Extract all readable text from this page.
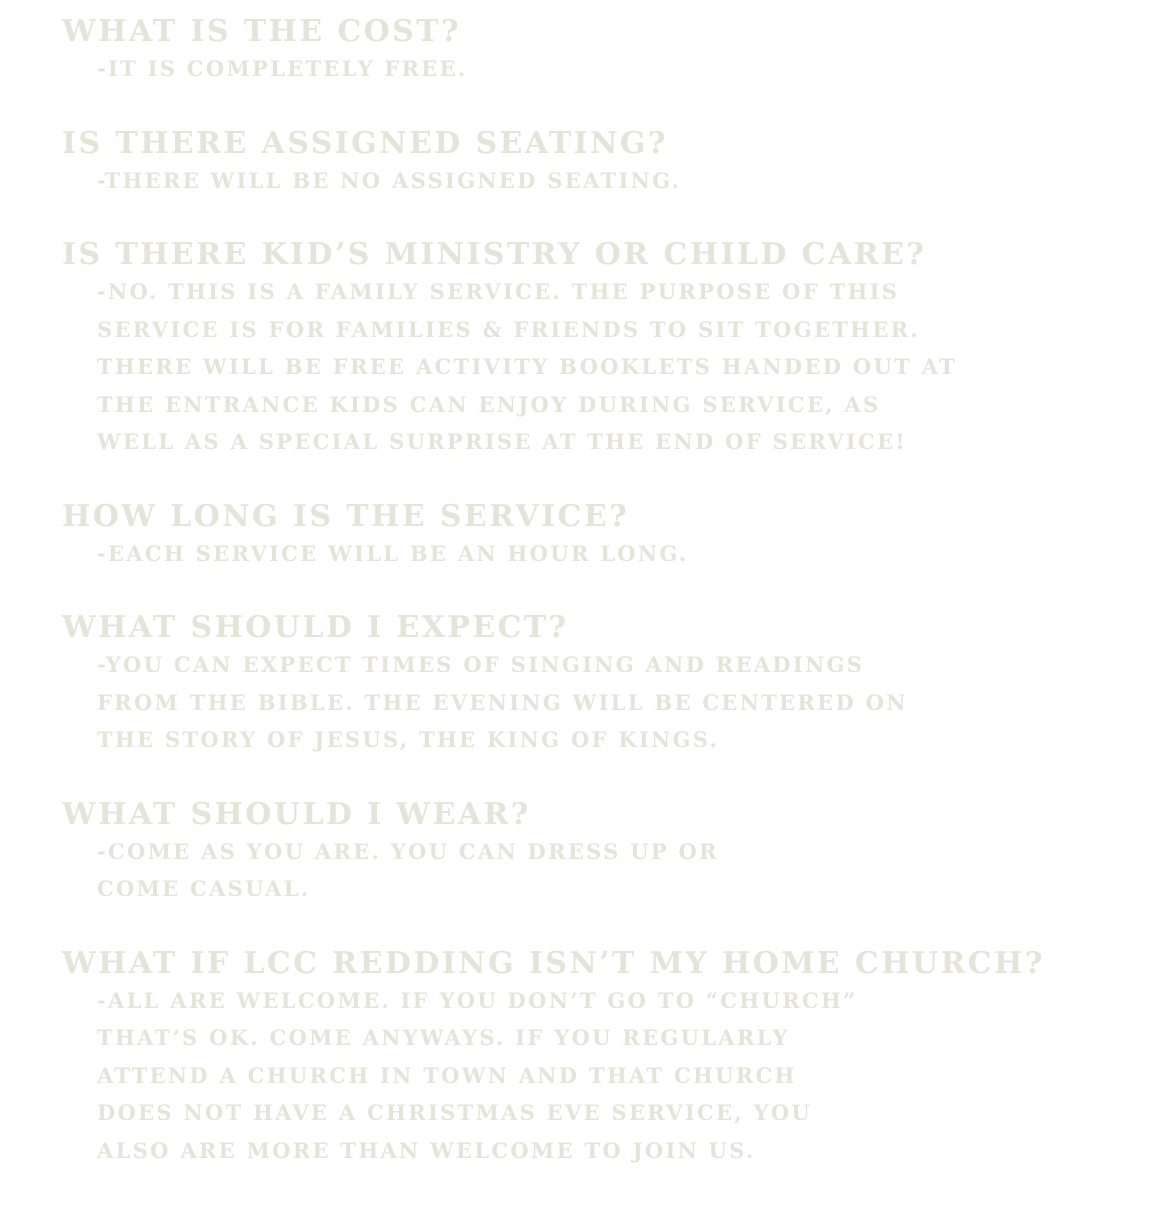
WHAT IS THE COST?
-IT IS COMPLETELY FREE.
IS THERE ASSIGNED SEATING?
-THERE WILL BE NO ASSIGNED SEATING.
IS THERE KID’S MINISTRY OR CHILD CARE?
-NO. THIS IS A FAMILY SERVICE. THE PURPOSE OF THIS
SERVICE IS FOR FAMILIES & FRIENDS TO SIT TOGETHER.
THERE WILL BE FREE ACTIVITY BOOKLETS HANDED OUT AT
THE ENTRANCE KIDS CAN ENJOY DURING SERVICE, AS
WELL AS A SPECIAL SURPRISE AT THE END OF SERVICE!
HOW LONG IS THE SERVICE?
-EACH SERVICE WILL BE AN HOUR LONG.
WHAT SHOULD I EXPECT?
-YOU CAN EXPECT TIMES OF SINGING AND READINGS
FROM THE BIBLE. THE EVENING WILL BE CENTERED ON
THE STORY OF JESUS, THE KING OF KINGS.
WHAT SHOULD I WEAR?
-COME AS YOU ARE. YOU CAN DRESS UP OR
COME CASUAL.
WHAT IF LCC REDDING ISN’T MY HOME CHURCH?
-ALL ARE WELCOME. IF YOU DON’T GO TO “CHURCH”
THAT’S OK. COME ANYWAYS. IF YOU REGULARLY
ATTEND A CHURCH IN TOWN AND THAT CHURCH
DOES NOT HAVE A CHRISTMAS EVE SERVICE, YOU
ALSO ARE MORE THAN WELCOME TO JOIN US.
